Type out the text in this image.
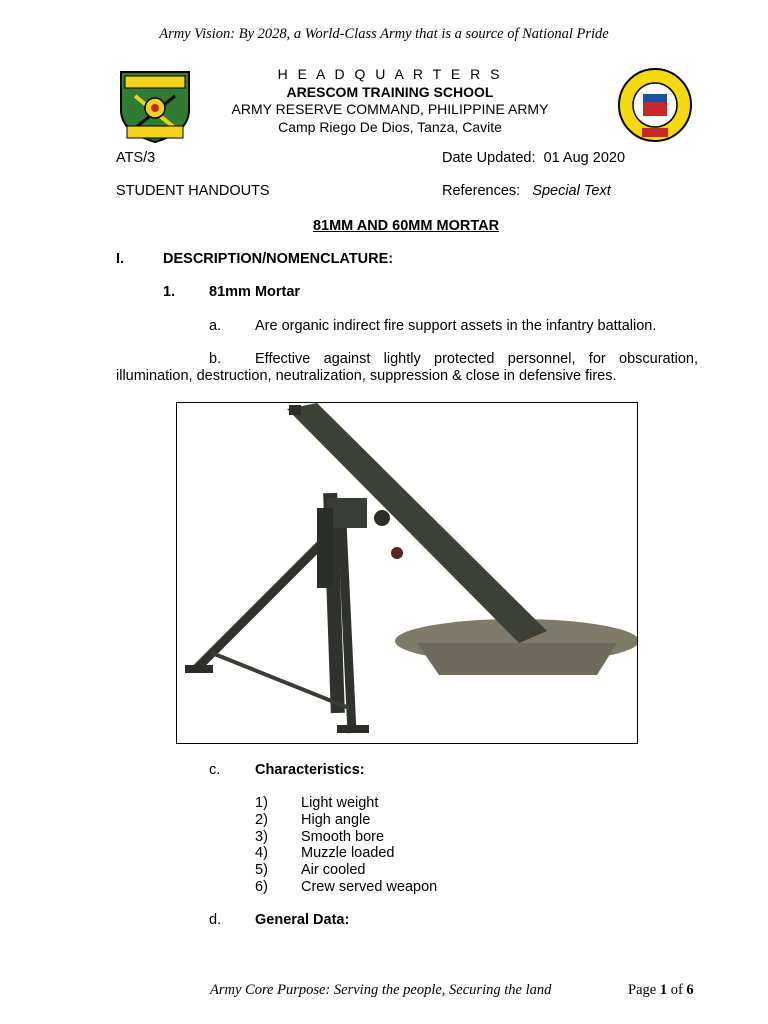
Army Vision: By 2028, a World-Class Army that is a source of National Pride
H E A D Q U A R T E R S
ARESCOM TRAINING SCHOOL
ARMY RESERVE COMMAND, PHILIPPINE ARMY
Camp Riego De Dios, Tanza, Cavite
ATS/3	Date Updated: 01 Aug 2020
STUDENT HANDOUTS	References: Special Text
81MM AND 60MM MORTAR
I.	DESCRIPTION/NOMENCLATURE:
1. 81mm Mortar
a. Are organic indirect fire support assets in the infantry battalion.
b. Effective against lightly protected personnel, for obscuration,
illumination, destruction, neutralization, suppression & close in defensive fires.
c. Characteristics:
1) Light weight
2) High angle
3) Smooth bore
4) Muzzle loaded
5) Air cooled
6) Crew served weapon
d. General Data:
Army Core Purpose: Serving the people, Securing the land	Page 1 of 6
